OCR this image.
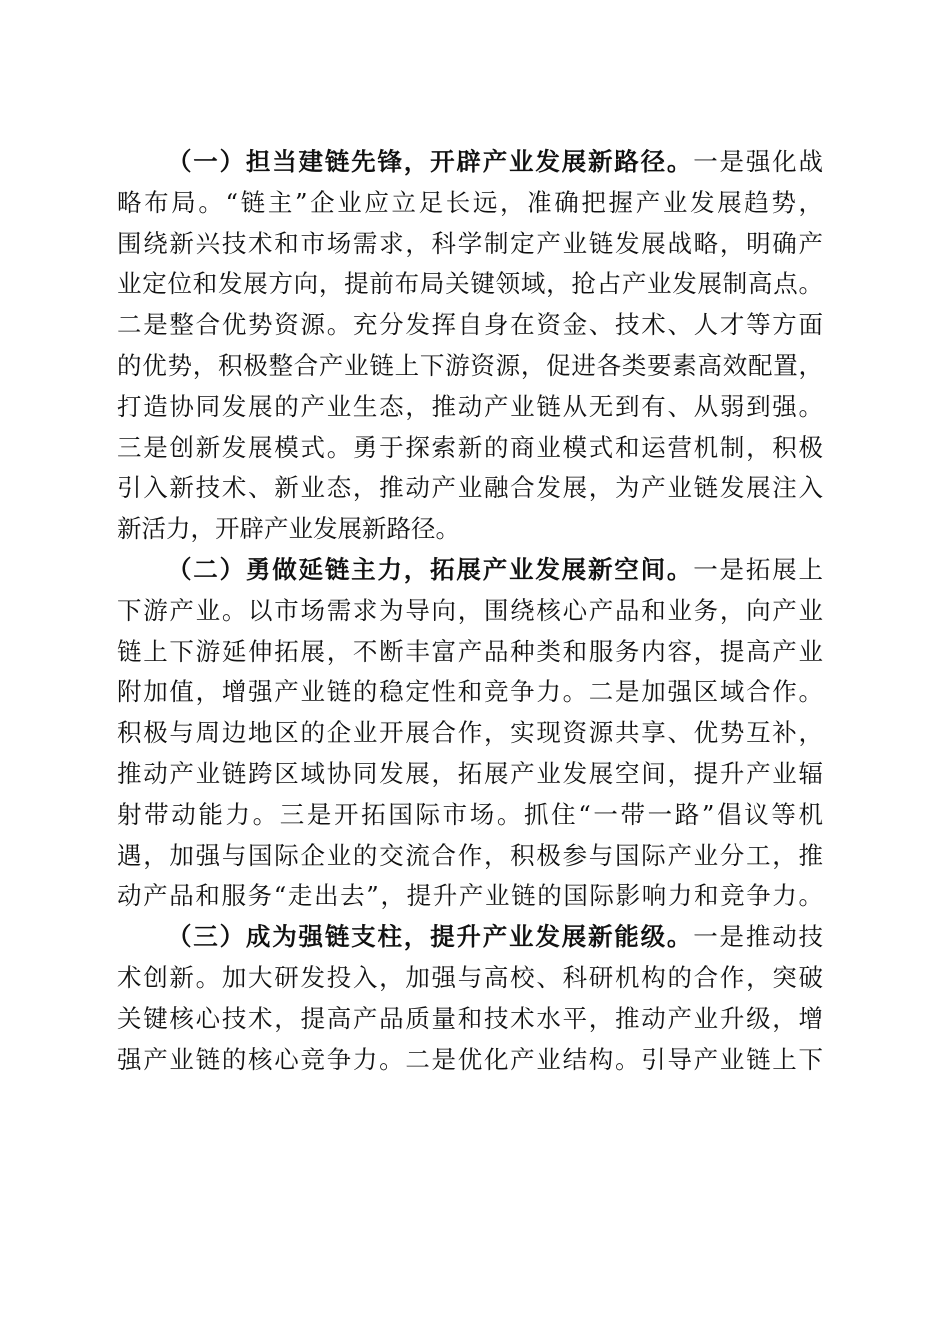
（一）担当建链先锋，开辟产业发展新路径。一是强化战
略布局。“链主”企业应立足长远，准确把握产业发展趋势，
围绕新兴技术和市场需求，科学制定产业链发展战略，明确产
业定位和发展方向，提前布局关键领域，抢占产业发展制高点。
二是整合优势资源。充分发挥自身在资金、技术、人才等方面
的优势，积极整合产业链上下游资源，促进各类要素高效配置，
打造协同发展的产业生态，推动产业链从无到有、从弱到强。
三是创新发展模式。勇于探索新的商业模式和运营机制，积极
引入新技术、新业态，推动产业融合发展，为产业链发展注入
新活力，开辟产业发展新路径。
（二）勇做延链主力，拓展产业发展新空间。一是拓展上
下游产业。以市场需求为导向，围绕核心产品和业务，向产业
链上下游延伸拓展，不断丰富产品种类和服务内容，提高产业
附加值，增强产业链的稳定性和竞争力。二是加强区域合作。
积极与周边地区的企业开展合作，实现资源共享、优势互补，
推动产业链跨区域协同发展，拓展产业发展空间，提升产业辐
射带动能力。三是开拓国际市场。抓住“一带一路”倡议等机
遇，加强与国际企业的交流合作，积极参与国际产业分工，推
动产品和服务“走出去”，提升产业链的国际影响力和竞争力。
（三）成为强链支柱，提升产业发展新能级。一是推动技
术创新。加大研发投入，加强与高校、科研机构的合作，突破
关键核心技术，提高产品质量和技术水平，推动产业升级，增
强产业链的核心竞争力。二是优化产业结构。引导产业链上下
